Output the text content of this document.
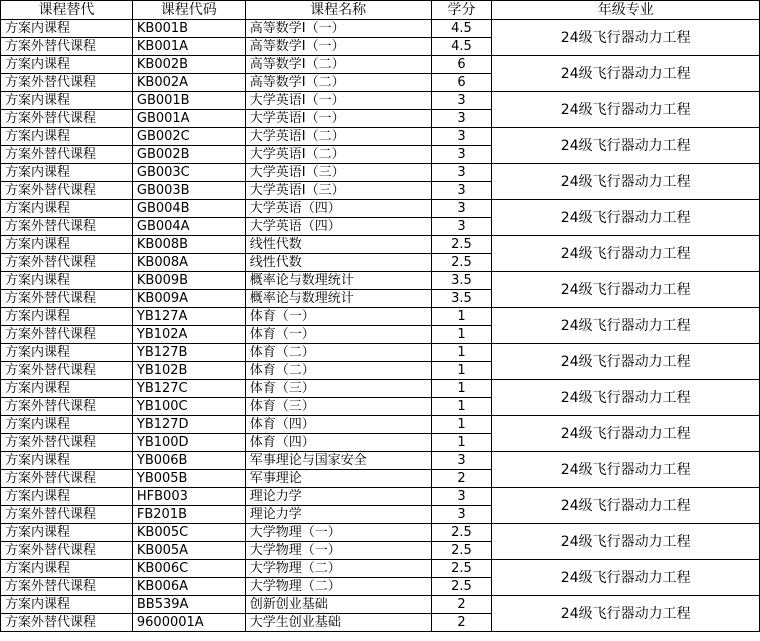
课程替代	课程代码	课程名称	学分	年级专业
方案内课程	KB001B	高等数学I（一）	4.5	24级飞行器动力工程
方案外替代课程	KB001A	高等数学I（一）	4.5	
方案内课程	KB002B	高等数学I（二）	6	24级飞行器动力工程
方案外替代课程	KB002A	高等数学I（二）	6	
方案内课程	GB001B	大学英语I（一）	3	24级飞行器动力工程
方案外替代课程	GB001A	大学英语I（一）	3	
方案内课程	GB002C	大学英语I（二）	3	24级飞行器动力工程
方案外替代课程	GB002B	大学英语I（二）	3	
方案内课程	GB003C	大学英语I（三）	3	24级飞行器动力工程
方案外替代课程	GB003B	大学英语I（三）	3	
方案内课程	GB004B	大学英语（四）	3	24级飞行器动力工程
方案外替代课程	GB004A	大学英语（四）	3	
方案内课程	KB008B	线性代数	2.5	24级飞行器动力工程
方案外替代课程	KB008A	线性代数	2.5	
方案内课程	KB009B	概率论与数理统计	3.5	24级飞行器动力工程
方案外替代课程	KB009A	概率论与数理统计	3.5	
方案内课程	YB127A	体育（一）	1	24级飞行器动力工程
方案外替代课程	YB102A	体育（一）	1	
方案内课程	YB127B	体育（二）	1	24级飞行器动力工程
方案外替代课程	YB102B	体育（二）	1	
方案内课程	YB127C	体育（三）	1	24级飞行器动力工程
方案外替代课程	YB100C	体育（三）	1	
方案内课程	YB127D	体育（四）	1	24级飞行器动力工程
方案外替代课程	YB100D	体育（四）	1	
方案内课程	YB006B	军事理论与国家安全	3	24级飞行器动力工程
方案外替代课程	YB005B	军事理论	2	
方案内课程	HFB003	理论力学	3	24级飞行器动力工程
方案外替代课程	FB201B	理论力学	3	
方案内课程	KB005C	大学物理（一）	2.5	24级飞行器动力工程
方案外替代课程	KB005A	大学物理（一）	2.5	
方案内课程	KB006C	大学物理（二）	2.5	24级飞行器动力工程
方案外替代课程	KB006A	大学物理（二）	2.5	
方案内课程	BB539A	创新创业基础	2	24级飞行器动力工程
方案外替代课程	9600001A	大学生创业基础	2	
